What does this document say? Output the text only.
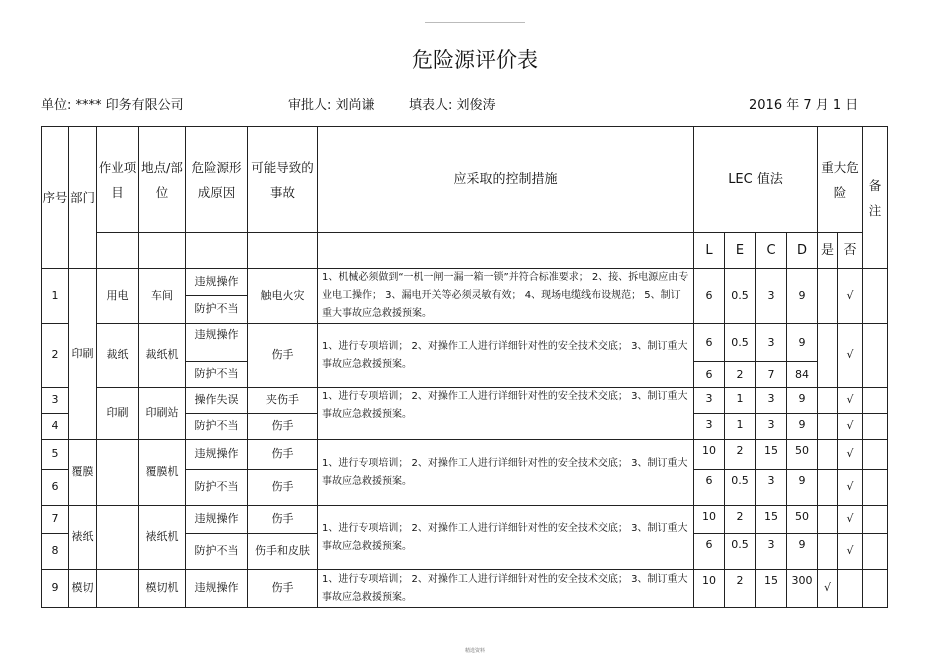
危险源评价表
单位: **** 印务有限公司	审批人: 刘尚谦	填表人: 刘俊涛	2016 年 7 月 1 日
序号	部门	作业项目	地点/部位	危险源形成原因	可能导致的事故	应采取的控制措施	LEC 值法				重大危险		备注
							L	E	C	D	是	否	
1	印刷	用电	车间	违规操作	触电火灾	1、机械必须做到“一机一闸一漏一箱一锁”并符合标准要求； 2、接、拆电源应由专业电工操作； 3、漏电开关等必须灵敏有效； 4、现场电缆线布设规范； 5、制订重大事故应急救援预案。	6	0.5	3	9		√	
				防护不当									
2		裁纸	裁纸机	违规操作	伤手	1、进行专项培训； 2、对操作工人进行详细针对性的安全技术交底； 3、制订重大事故应急救援预案。	6	0.5	3	9		√	
				防护不当			6	2	7	84			
3		印刷	印刷站	操作失误	夹伤手	1、进行专项培训； 2、对操作工人进行详细针对性的安全技术交底； 3、制订重大事故应急救援预案。	3	1	3	9		√	
4				防护不当	伤手		3	1	3	9		√	
5	覆膜		覆膜机	违规操作	伤手	1、进行专项培训； 2、对操作工人进行详细针对性的安全技术交底； 3、制订重大事故应急救援预案。	10	2	15	50		√	
6				防护不当	伤手		6	0.5	3	9		√	
7	裱纸		裱纸机	违规操作	伤手	1、进行专项培训； 2、对操作工人进行详细针对性的安全技术交底； 3、制订重大事故应急救援预案。	10	2	15	50		√	
8				防护不当	伤手和皮肤		6	0.5	3	9		√	
9	模切		模切机	违规操作	伤手	1、进行专项培训； 2、对操作工人进行详细针对性的安全技术交底； 3、制订重大事故应急救援预案。	10	2	15	300	√		
精选资料
